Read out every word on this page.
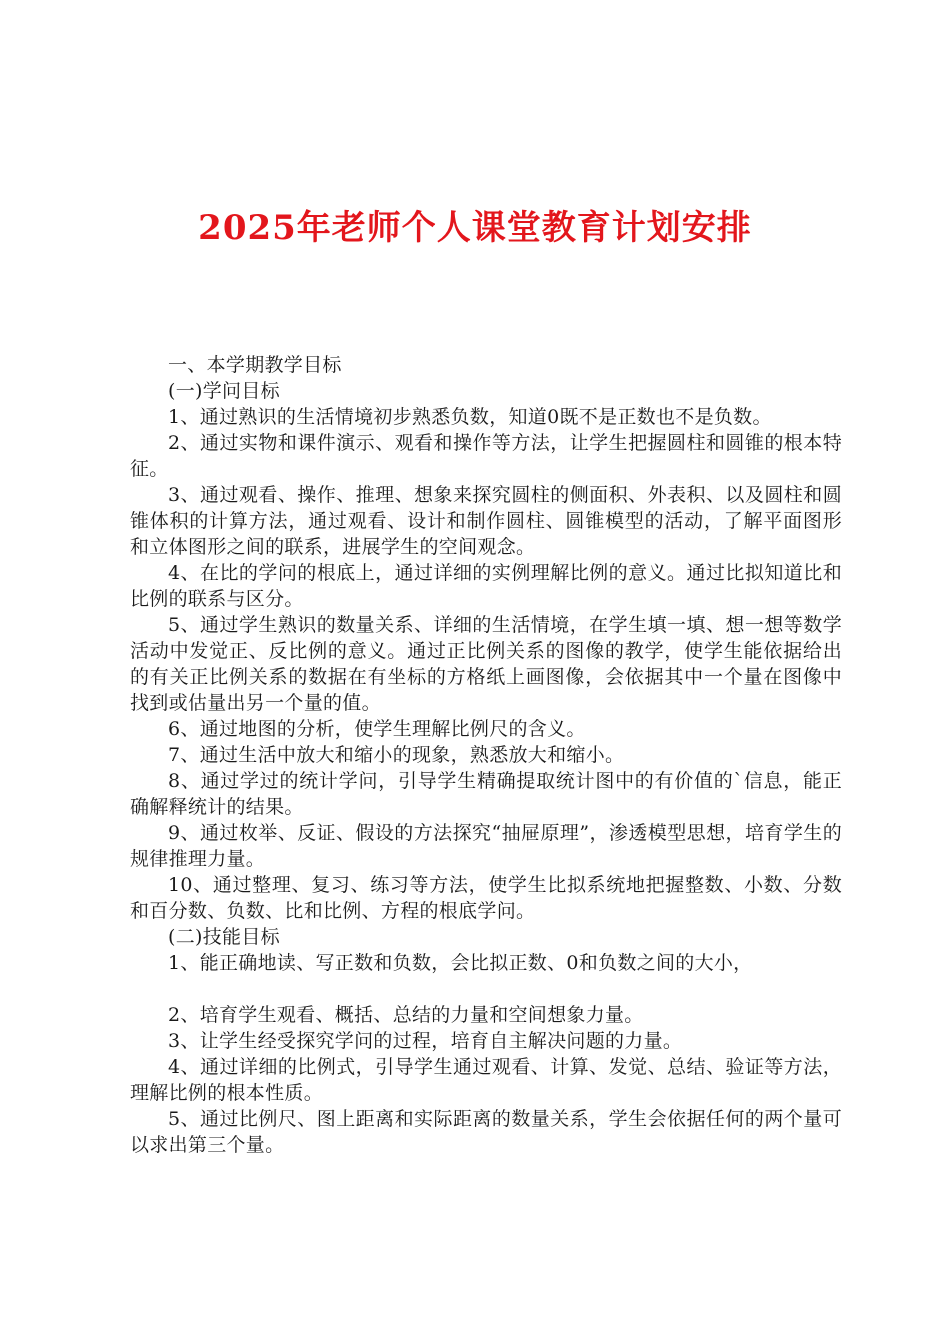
2025年老师个人课堂教育计划安排

一、本学期教学目标

(一)学问目标

1、通过熟识的生活情境初步熟悉负数，知道0既不是正数也不是负数。

2、通过实物和课件演示、观看和操作等方法，让学生把握圆柱和圆锥的根本特征。

3、通过观看、操作、推理、想象来探究圆柱的侧面积、外表积、以及圆柱和圆锥体积的计算方法，通过观看、设计和制作圆柱、圆锥模型的活动，了解平面图形和立体图形之间的联系，进展学生的空间观念。

4、在比的学问的根底上，通过详细的实例理解比例的意义。通过比拟知道比和比例的联系与区分。

5、通过学生熟识的数量关系、详细的生活情境，在学生填一填、想一想等数学活动中发觉正、反比例的意义。通过正比例关系的图像的教学，使学生能依据给出的有关正比例关系的数据在有坐标的方格纸上画图像，会依据其中一个量在图像中找到或估量出另一个量的值。

6、通过地图的分析，使学生理解比例尺的含义。

7、通过生活中放大和缩小的现象，熟悉放大和缩小。

8、通过学过的统计学问，引导学生精确提取统计图中的有价值的`信息，能正确解释统计的结果。

9、通过枚举、反证、假设的方法探究“抽屉原理”，渗透模型思想，培育学生的规律推理力量。

10、通过整理、复习、练习等方法，使学生比拟系统地把握整数、小数、分数和百分数、负数、比和比例、方程的根底学问。

(二)技能目标

1、能正确地读、写正数和负数，会比拟正数、0和负数之间的大小，

2、培育学生观看、概括、总结的力量和空间想象力量。

3、让学生经受探究学问的过程，培育自主解决问题的力量。

4、通过详细的比例式，引导学生通过观看、计算、发觉、总结、验证等方法，理解比例的根本性质。

5、通过比例尺、图上距离和实际距离的数量关系，学生会依据任何的两个量可以求出第三个量。
